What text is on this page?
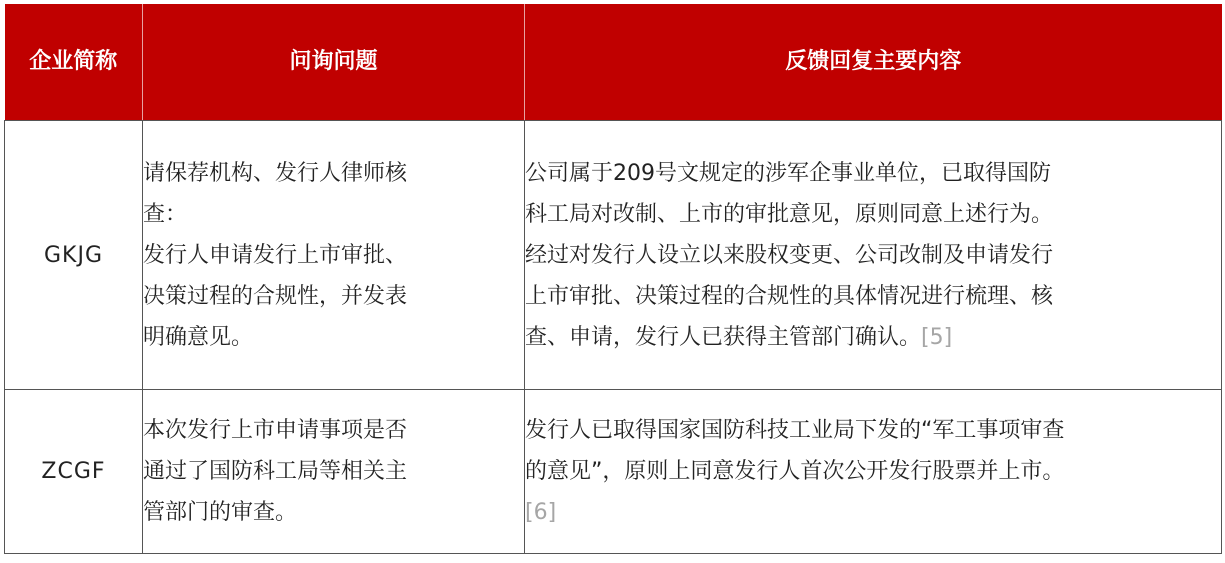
企业简称	问询问题	反馈回复主要内容

GKJG	请保荐机构、发行人律师核
查：
发行人申请发行上市审批、
决策过程的合规性，并发表
明确意见。	公司属于209号文规定的涉军企事业单位，已取得国防
科工局对改制、上市的审批意见，原则同意上述行为。
经过对发行人设立以来股权变更、公司改制及申请发行
上市审批、决策过程的合规性的具体情况进行梳理、核
查、申请，发行人已获得主管部门确认。[5]

ZCGF	本次发行上市申请事项是否
通过了国防科工局等相关主
管部门的审查。	发行人已取得国家国防科技工业局下发的“军工事项审查
的意见”，原则上同意发行人首次公开发行股票并上市。
[6]
